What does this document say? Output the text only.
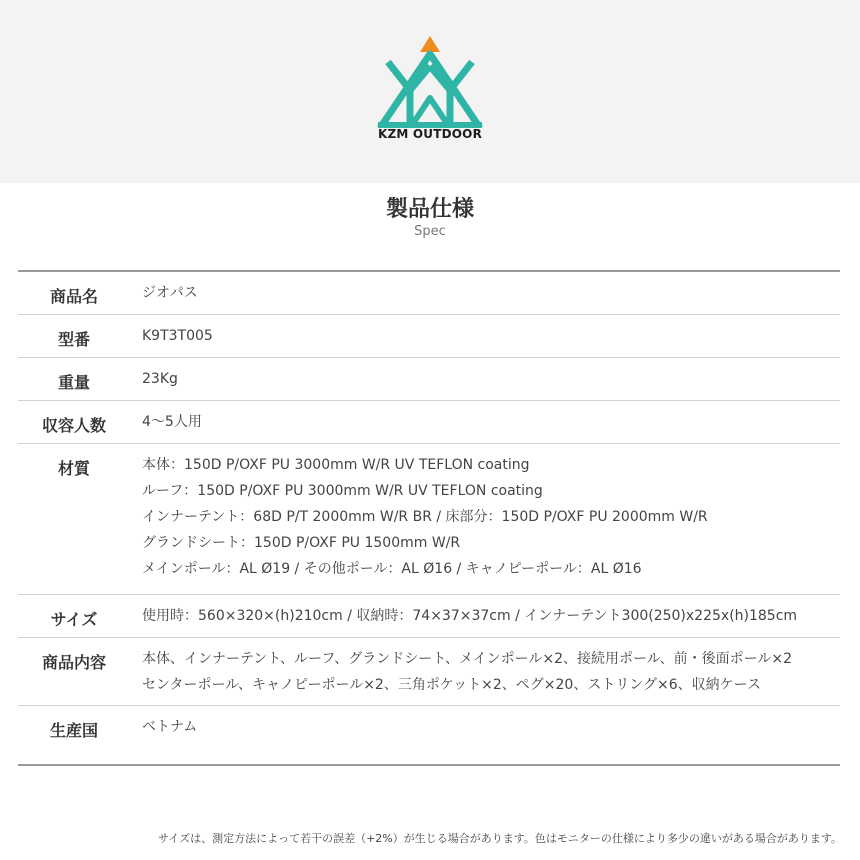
KZM OUTDOOR
製品仕様
Spec
商品名	ジオパス
型番	K9T3T005
重量	23Kg
収容人数	4〜5人用
材質	本体：150D P/OXF PU 3000mm W/R UV TEFLON coating
ルーフ：150D P/OXF PU 3000mm W/R UV TEFLON coating
インナーテント：68D P/T 2000mm W/R BR / 床部分：150D P/OXF PU 2000mm W/R
グランドシート：150D P/OXF PU 1500mm W/R
メインポール：AL Ø19 / その他ポール：AL Ø16 / キャノピーポール：AL Ø16
サイズ	使用時：560×320×(h)210cm / 収納時：74×37×37cm / インナーテント300(250)x225x(h)185cm
商品内容	本体、インナーテント、ルーフ、グランドシート、メインポール×2、接続用ポール、前・後面ポール×2
センターポール、キャノピーポール×2、三角ポケット×2、ペグ×20、ストリング×6、収納ケース
生産国	ベトナム
サイズは、測定方法によって若干の誤差（+2%）が生じる場合があります。色はモニターの仕様により多少の違いがある場合があります。
